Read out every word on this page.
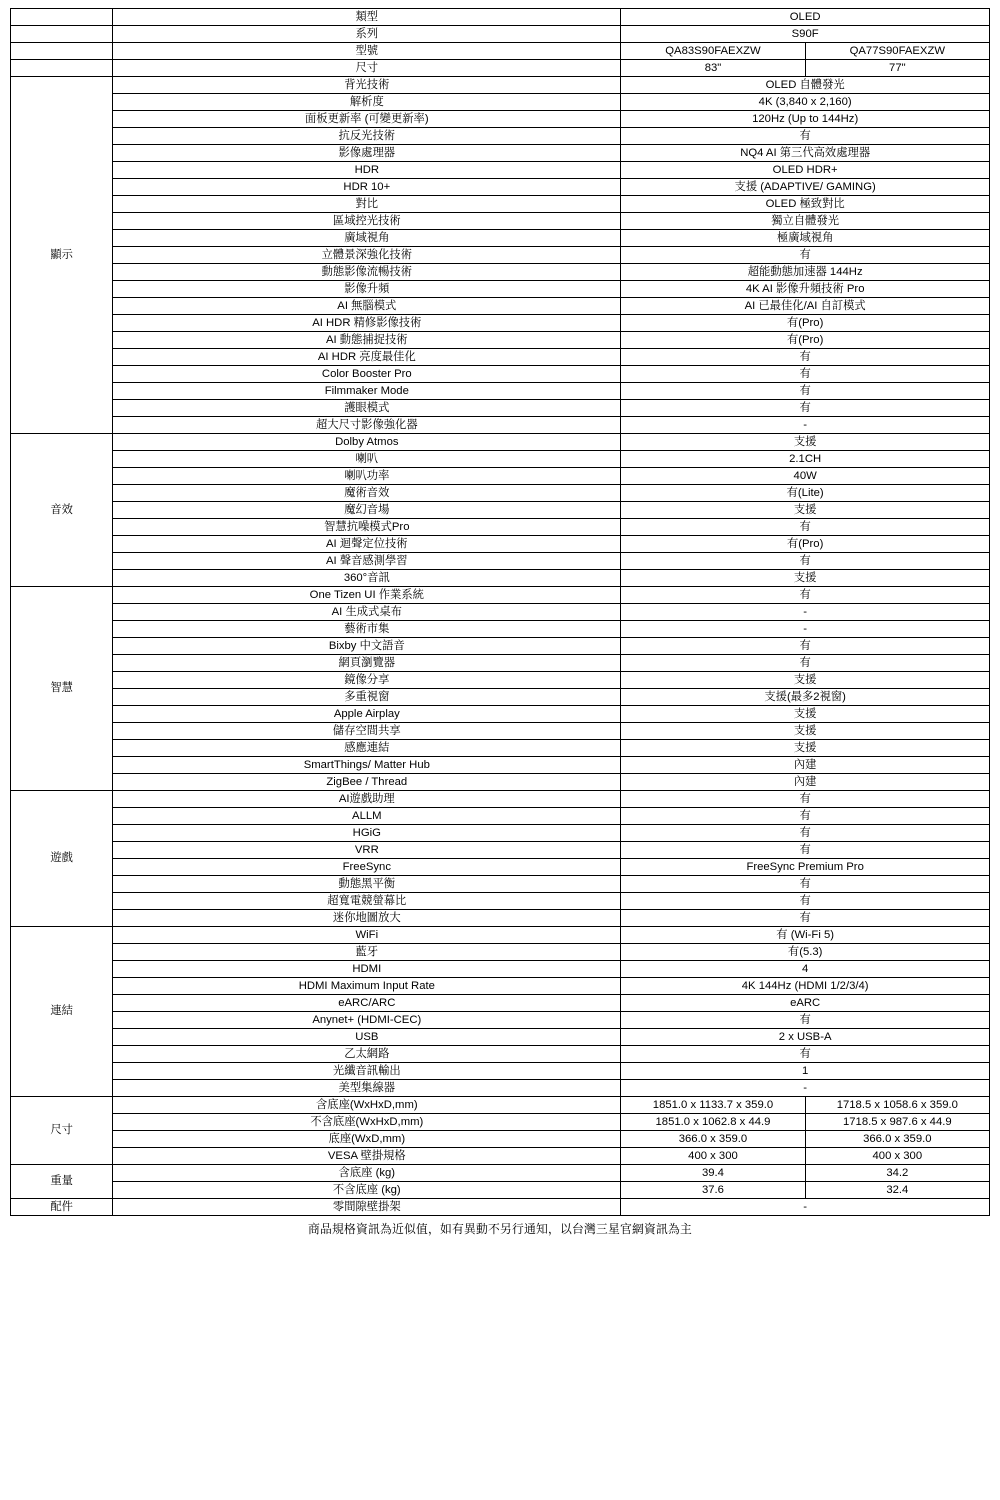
	類型	OLED	
	系列	S90F	
	型號	QA83S90FAEXZW	QA77S90FAEXZW
	尺寸	83"	77"
顯示	背光技術	OLED 自體發光	
	解析度	4K (3,840 x 2,160)	
	面板更新率 (可變更新率)	120Hz (Up to 144Hz)	
	抗反光技術	有	
	影像處理器	NQ4 AI 第三代高效處理器	
	HDR	OLED HDR+	
	HDR 10+	支援 (ADAPTIVE/ GAMING)	
	對比	OLED 極致對比	
	區域控光技術	獨立自體發光	
	廣域視角	極廣域視角	
	立體景深強化技術	有	
	動態影像流暢技術	超能動態加速器 144Hz	
	影像升頻	4K AI 影像升頻技術 Pro	
	AI 無腦模式	AI 已最佳化/AI 自訂模式	
	AI HDR 精修影像技術	有(Pro)	
	AI 動態捕捉技術	有(Pro)	
	AI HDR 亮度最佳化	有	
	Color Booster Pro	有	
	Filmmaker Mode	有	
	護眼模式	有	
	超大尺寸影像強化器	-	
音效	Dolby Atmos	支援	
	喇叭	2.1CH	
	喇叭功率	40W	
	魔術音效	有(Lite)	
	魔幻音場	支援	
	智慧抗噪模式Pro	有	
	AI 迴聲定位技術	有(Pro)	
	AI 聲音感測學習	有	
	360°音訊	支援	
智慧	One Tizen UI 作業系統	有	
	AI 生成式桌布	-	
	藝術市集	-	
	Bixby 中文語音	有	
	網頁瀏覽器	有	
	鏡像分享	支援	
	多重視窗	支援(最多2視窗)	
	Apple Airplay	支援	
	儲存空間共享	支援	
	感應連結	支援	
	SmartThings/ Matter Hub	內建	
	ZigBee / Thread	內建	
遊戲	AI遊戲助理	有	
	ALLM	有	
	HGiG	有	
	VRR	有	
	FreeSync	FreeSync Premium Pro	
	動態黑平衡	有	
	超寬電競螢幕比	有	
	迷你地圖放大	有	
連結	WiFi	有 (Wi-Fi 5)	
	藍牙	有(5.3)	
	HDMI	4	
	HDMI Maximum Input Rate	4K 144Hz (HDMI 1/2/3/4)	
	eARC/ARC	eARC	
	Anynet+ (HDMI-CEC)	有	
	USB	2 x USB-A	
	乙太網路	有	
	光纖音訊輸出	1	
	美型集線器	-	
尺寸	含底座(WxHxD,mm)	1851.0 x 1133.7 x 359.0	1718.5 x 1058.6 x 359.0
	不含底座(WxHxD,mm)	1851.0 x 1062.8 x 44.9	1718.5 x 987.6 x 44.9
	底座(WxD,mm)	366.0 x 359.0	366.0 x 359.0
	VESA 壁掛規格	400 x 300	400 x 300
重量	含底座 (kg)	39.4	34.2
	不含底座 (kg)	37.6	32.4
配件	零間隙壁掛架	-	
商品規格資訊為近似值，如有異動不另行通知，以台灣三星官網資訊為主
